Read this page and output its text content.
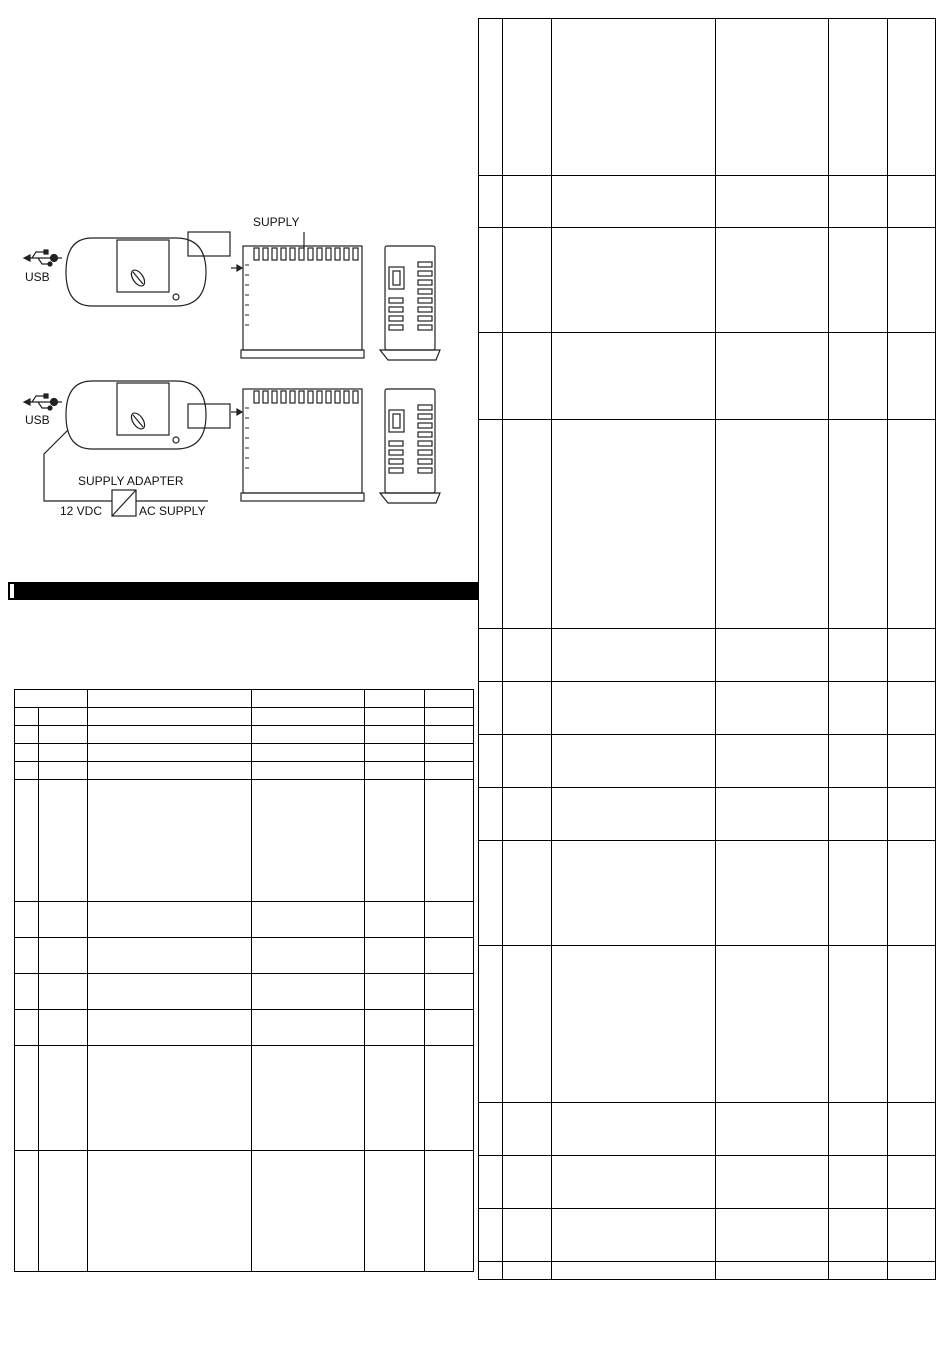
USB
USB
SUPPLY
SUPPLY ADAPTER
12 VDC	AC SUPPLY
